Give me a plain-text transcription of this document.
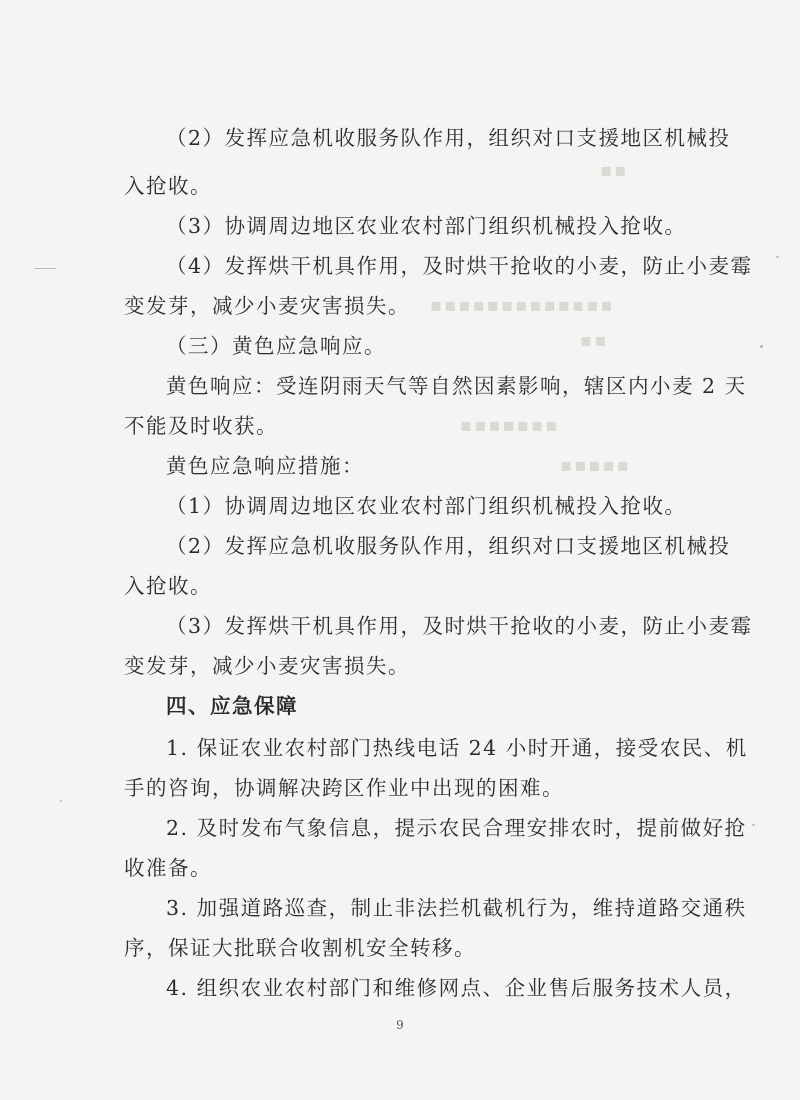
▪▪
▪▪▪▪▪▪▪▪▪▪▪▪▪
▪▪
▪▪▪▪▪▪▪
▪▪▪▪▪
（2）发挥应急机收服务队作用，组织对口支援地区机械投
入抢收。
（3）协调周边地区农业农村部门组织机械投入抢收。
（4）发挥烘干机具作用，及时烘干抢收的小麦，防止小麦霉
变发芽，减少小麦灾害损失。
（三）黄色应急响应。
黄色响应：受连阴雨天气等自然因素影响，辖区内小麦 2 天
不能及时收获。
黄色应急响应措施：
（1）协调周边地区农业农村部门组织机械投入抢收。
（2）发挥应急机收服务队作用，组织对口支援地区机械投
入抢收。
（3）发挥烘干机具作用，及时烘干抢收的小麦，防止小麦霉
变发芽，减少小麦灾害损失。
四、应急保障
1. 保证农业农村部门热线电话 24 小时开通，接受农民、机
手的咨询，协调解决跨区作业中出现的困难。
2. 及时发布气象信息，提示农民合理安排农时，提前做好抢
收准备。
3. 加强道路巡查，制止非法拦机截机行为，维持道路交通秩
序，保证大批联合收割机安全转移。
4. 组织农业农村部门和维修网点、企业售后服务技术人员，
9
